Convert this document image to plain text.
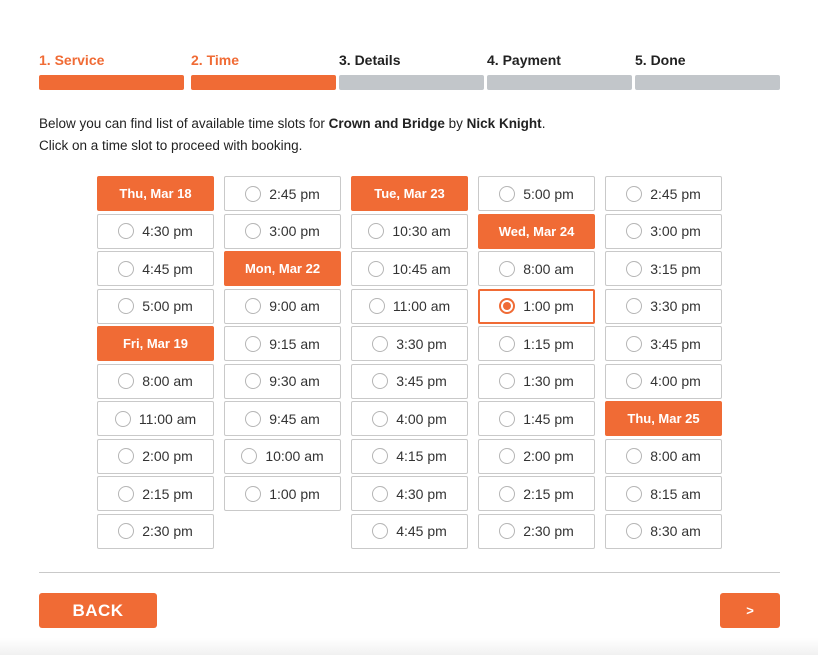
1. Service	2. Time	3. Details	4. Payment	5. Done
Below you can find list of available time slots for Crown and Bridge by Nick Knight.
Click on a time slot to proceed with booking.
Thu, Mar 18
4:30 pm
4:45 pm
5:00 pm
Fri, Mar 19
8:00 am
11:00 am
2:00 pm
2:15 pm
2:30 pm
2:45 pm
3:00 pm
Mon, Mar 22
9:00 am
9:15 am
9:30 am
9:45 am
10:00 am
1:00 pm
Tue, Mar 23
10:30 am
10:45 am
11:00 am
3:30 pm
3:45 pm
4:00 pm
4:15 pm
4:30 pm
4:45 pm
5:00 pm
Wed, Mar 24
8:00 am
1:00 pm
1:15 pm
1:30 pm
1:45 pm
2:00 pm
2:15 pm
2:30 pm
2:45 pm
3:00 pm
3:15 pm
3:30 pm
3:45 pm
4:00 pm
Thu, Mar 25
8:00 am
8:15 am
8:30 am
BACK	>
